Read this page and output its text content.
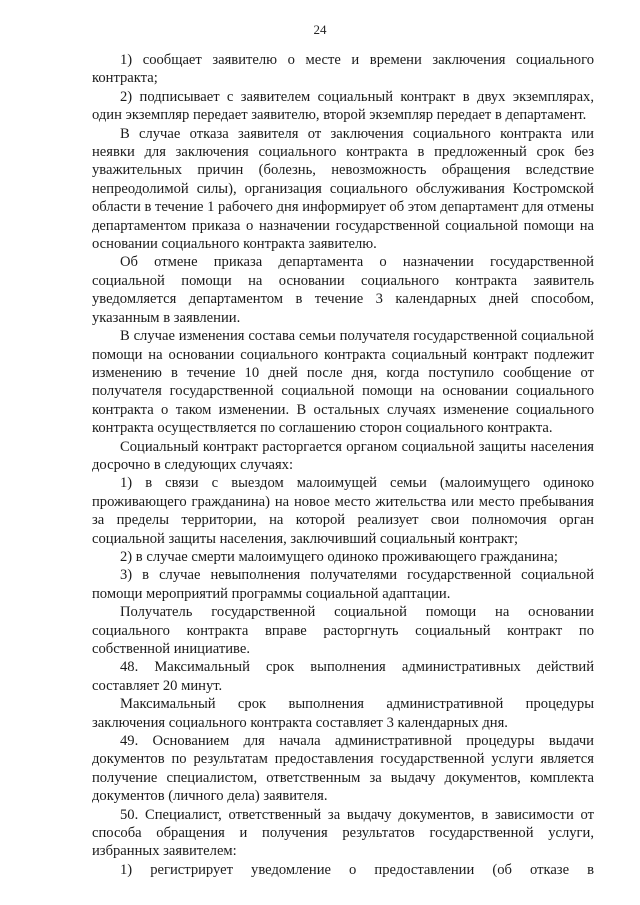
24

1) сообщает заявителю о месте и времени заключения социального контракта;

2) подписывает с заявителем социальный контракт в двух экземплярах, один экземпляр передает заявителю, второй экземпляр передает в департамент.

В случае отказа заявителя от заключения социального контракта или неявки для заключения социального контракта в предложенный срок без уважительных причин (болезнь, невозможность обращения вследствие непреодолимой силы), организация социального обслуживания Костромской области в течение 1 рабочего дня информирует об этом департамент для отмены департаментом приказа о назначении государственной социальной помощи на основании социального контракта заявителю.

Об отмене приказа департамента о назначении государственной социальной помощи на основании социального контракта заявитель уведомляется департаментом в течение 3 календарных дней способом, указанным в заявлении.

В случае изменения состава семьи получателя государственной социальной помощи на основании социального контракта социальный контракт подлежит изменению в течение 10 дней после дня, когда поступило сообщение от получателя государственной социальной помощи на основании социального контракта о таком изменении. В остальных случаях изменение социального контракта осуществляется по соглашению сторон социального контракта.

Социальный контракт расторгается органом социальной защиты населения досрочно в следующих случаях:

1) в связи с выездом малоимущей семьи (малоимущего одиноко проживающего гражданина) на новое место жительства или место пребывания за пределы территории, на которой реализует свои полномочия орган социальной защиты населения, заключивший социальный контракт;

2) в случае смерти малоимущего одиноко проживающего гражданина;

3) в случае невыполнения получателями государственной социальной помощи мероприятий программы социальной адаптации.

Получатель государственной социальной помощи на основании социального контракта вправе расторгнуть социальный контракт по собственной инициативе.

48. Максимальный срок выполнения административных действий составляет 20 минут.

Максимальный срок выполнения административной процедуры заключения социального контракта составляет 3 календарных дня.

49. Основанием для начала административной процедуры выдачи документов по результатам предоставления государственной услуги является получение специалистом, ответственным за выдачу документов, комплекта документов (личного дела) заявителя.

50. Специалист, ответственный за выдачу документов, в зависимости от способа обращения и получения результатов государственной услуги, избранных заявителем:

1) регистрирует уведомление о предоставлении (об отказе в
